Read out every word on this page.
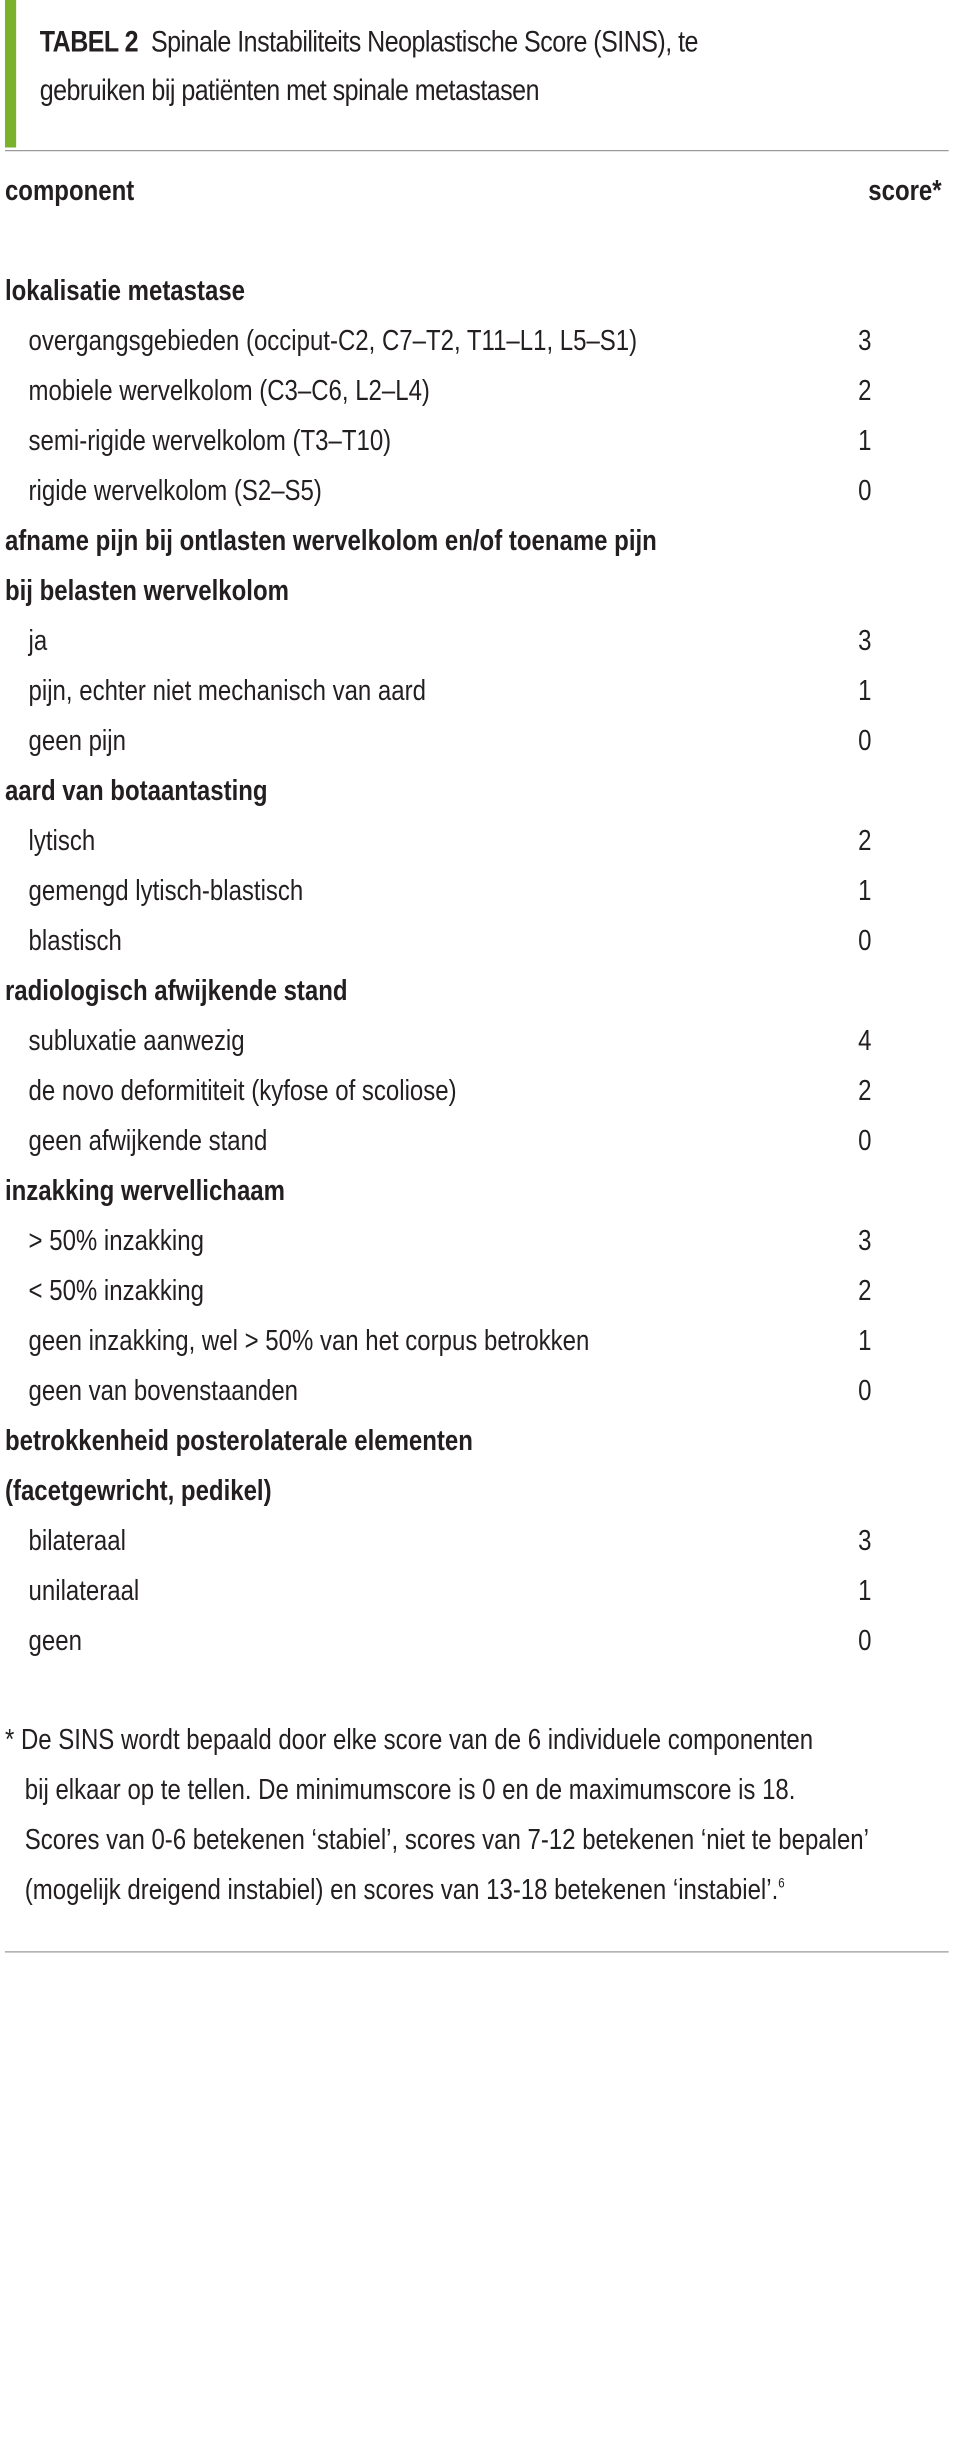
TABEL 2 Spinale Instabiliteits Neoplastische Score (SINS), te
gebruiken bij patiënten met spinale metastasen
component	score*
lokalisatie metastase
overgangsgebieden (occiput-C2, C7–T2, T11–L1, L5–S1)	3
mobiele wervelkolom (C3–C6, L2–L4)	2
semi-rigide wervelkolom (T3–T10)	1
rigide wervelkolom (S2–S5)	0
afname pijn bij ontlasten wervelkolom en/of toename pijn
bij belasten wervelkolom
ja	3
pijn, echter niet mechanisch van aard	1
geen pijn	0
aard van botaantasting
lytisch	2
gemengd lytisch-blastisch	1
blastisch	0
radiologisch afwijkende stand
subluxatie aanwezig	4
de novo deformititeit (kyfose of scoliose)	2
geen afwijkende stand	0
inzakking wervellichaam
> 50% inzakking	3
< 50% inzakking	2
geen inzakking, wel > 50% van het corpus betrokken	1
geen van bovenstaanden	0
betrokkenheid posterolaterale elementen
(facetgewricht, pedikel)
bilateraal	3
unilateraal	1
geen	0
* De SINS wordt bepaald door elke score van de 6 individuele componenten
bij elkaar op te tellen. De minimumscore is 0 en de maximumscore is 18.
Scores van 0-6 betekenen ‘stabiel’, scores van 7-12 betekenen ‘niet te bepalen’
(mogelijk dreigend instabiel) en scores van 13-18 betekenen ‘instabiel’.$^6$
